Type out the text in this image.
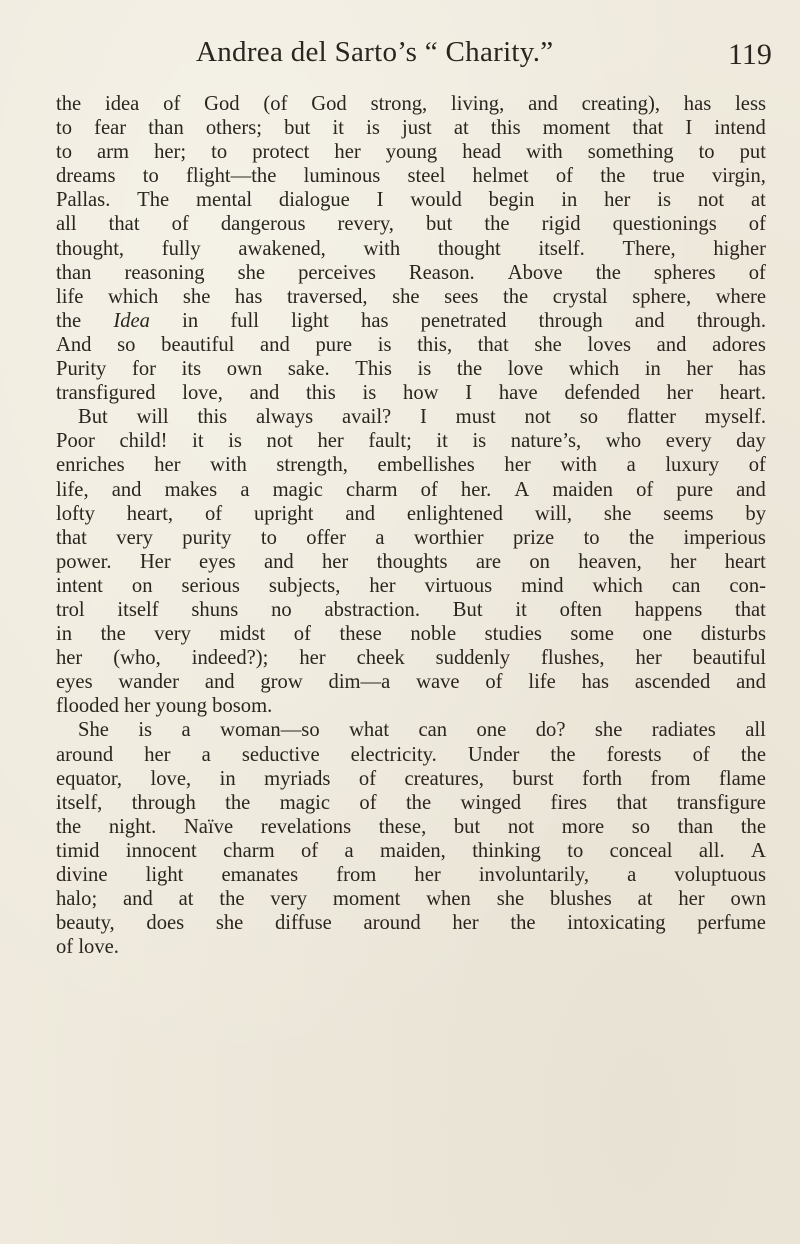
Andrea del Sarto’s “ Charity.”	119
the idea of God (of God strong, living, and creating), has less
to fear than others; but it is just at this moment that I intend
to arm her; to protect her young head with something to put
dreams to flight—the luminous steel helmet of the true virgin,
Pallas. The mental dialogue I would begin in her is not at
all that of dangerous revery, but the rigid questionings of
thought, fully awakened, with thought itself. There, higher
than reasoning she perceives Reason. Above the spheres of
life which she has traversed, she sees the crystal sphere, where
the Idea in full light has penetrated through and through.
And so beautiful and pure is this, that she loves and adores
Purity for its own sake. This is the love which in her has
transfigured love, and this is how I have defended her heart.
But will this always avail? I must not so flatter myself.
Poor child! it is not her fault; it is nature’s, who every day
enriches her with strength, embellishes her with a luxury of
life, and makes a magic charm of her. A maiden of pure and
lofty heart, of upright and enlightened will, she seems by
that very purity to offer a worthier prize to the imperious
power. Her eyes and her thoughts are on heaven, her heart
intent on serious subjects, her virtuous mind which can con-
trol itself shuns no abstraction. But it often happens that
in the very midst of these noble studies some one disturbs
her (who, indeed?); her cheek suddenly flushes, her beautiful
eyes wander and grow dim—a wave of life has ascended and
flooded
her
young
bosom.
She is a woman—so what can one do? she radiates all
around her a seductive electricity. Under the forests of the
equator, love, in myriads of creatures, burst forth from flame
itself, through the magic of the winged fires that transfigure
the night. Naïve revelations these, but not more so than the
timid innocent charm of a maiden, thinking to conceal all. A
divine light emanates from her involuntarily, a voluptuous
halo; and at the very moment when she blushes at her own
beauty, does she diffuse around her the intoxicating perfume
of
love.
